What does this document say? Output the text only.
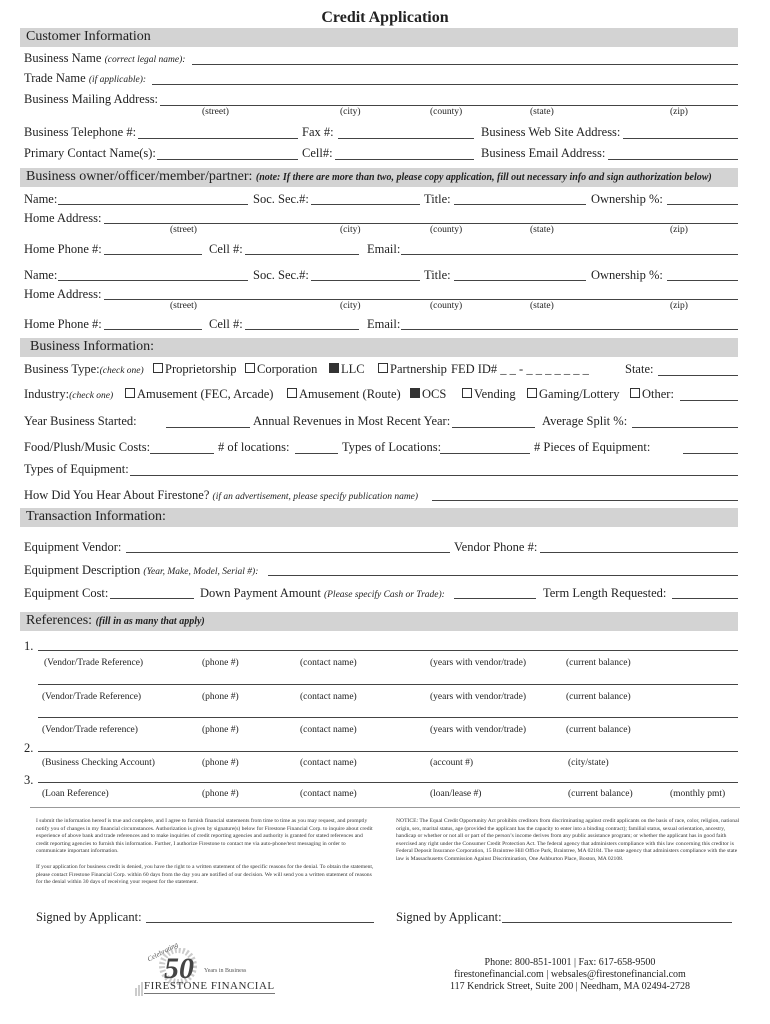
Credit Application
Customer Information
Business Name (correct legal name):
Trade Name (if applicable):
Business Mailing Address:
(street)	(city)	(county)	(state)	(zip)
Business Telephone #:	Fax #:	Business Web Site Address:
Primary Contact Name(s):	Cell#:	Business Email Address:
Business owner/officer/member/partner: (note: If there are more than two, please copy application, fill out necessary info and sign authorization below)
Name:	Soc. Sec.#:	Title:	Ownership %:
Home Address:
(street)	(city)	(county)	(state)	(zip)
Home Phone #:	Cell #:	Email:
Name:	Soc. Sec.#:	Title:	Ownership %:
Home Address:
(street)	(city)	(county)	(state)	(zip)
Home Phone #:	Cell #:	Email:
Business Information:
Business Type:(check one)	Proprietorship	Corporation	LLC	Partnership FED ID# _ _ - _ _ _ _ _ _ _	State:
Industry:(check one)	Amusement (FEC, Arcade)	Amusement (Route)	OCS	Vending	Gaming/Lottery	Other:
Year Business Started:	Annual Revenues in Most Recent Year:	Average Split %:
Food/Plush/Music Costs:	# of locations:	Types of Locations:	# Pieces of Equipment:
Types of Equipment:
How Did You Hear About Firestone? (if an advertisement, please specify publication name)
Transaction Information:
Equipment Vendor:	Vendor Phone #:
Equipment Description (Year, Make, Model, Serial #):
Equipment Cost:	Down Payment Amount (Please specify Cash or Trade):	Term Length Requested:
References: (fill in as many that apply)
1.
(Vendor/Trade Reference)	(phone #)	(contact name)	(years with vendor/trade)	(current balance)
(Vendor/Trade Reference)	(phone #)	(contact name)	(years with vendor/trade)	(current balance)
(Vendor/Trade reference)	(phone #)	(contact name)	(years with vendor/trade)	(current balance)
2.
(Business Checking Account)	(phone #)	(contact name)	(account #)	(city/state)
3.
(Loan Reference)	(phone #)	(contact name)	(loan/lease #)	(current balance)	(monthly pmt)
I submit the information hereof is true and complete, and I agree to furnish financial statements from time to time as you may request, and promptly notify you of changes in my financial circumstances. Authorization is given by signature(s) below for Firestone Financial Corp. to inquire about credit experience of above bank and trade references and to make inquiries of credit reporting agencies and authority is granted for stated references and credit reporting agencies to furnish this information. Further, I authorize Firestone to contact me via auto-phone/text messaging in order to communicate important information.
If your application for business credit is denied, you have the right to a written statement of the specific reasons for the denial. To obtain the statement, please contact Firestone Financial Corp. within 60 days from the day you are notified of our decision. We will send you a written statement of reasons for the denial within 30 days of receiving your request for the statement.
NOTICE: The Equal Credit Opportunity Act prohibits creditors from discriminating against credit applicants on the basis of race, color, religion, national origin, sex, marital status, age (provided the applicant has the capacity to enter into a binding contract); familial status, sexual orientation, ancestry, handicap or whether or not all or part of the person’s income derives from any public assistance program; or whether the applicant has in good faith exercised any right under the Consumer Credit Protection Act. The federal agency that administers compliance with this law concerning this creditor is Federal Deposit Insurance Corporation, 15 Braintree Hill Office Park, Braintree, MA 02184. The state agency that administers compliance with the state law is Massachusetts Commission Against Discrimination, One Ashburton Place, Boston, MA 02108.
Signed by Applicant:	Signed by Applicant:
Celebrating
50 Years in Business
FIRESTONE FINANCIAL
Phone: 800-851-1001 | Fax: 617-658-9500
firestonefinancial.com | websales@firestonefinancial.com
117 Kendrick Street, Suite 200 | Needham, MA 02494-2728
